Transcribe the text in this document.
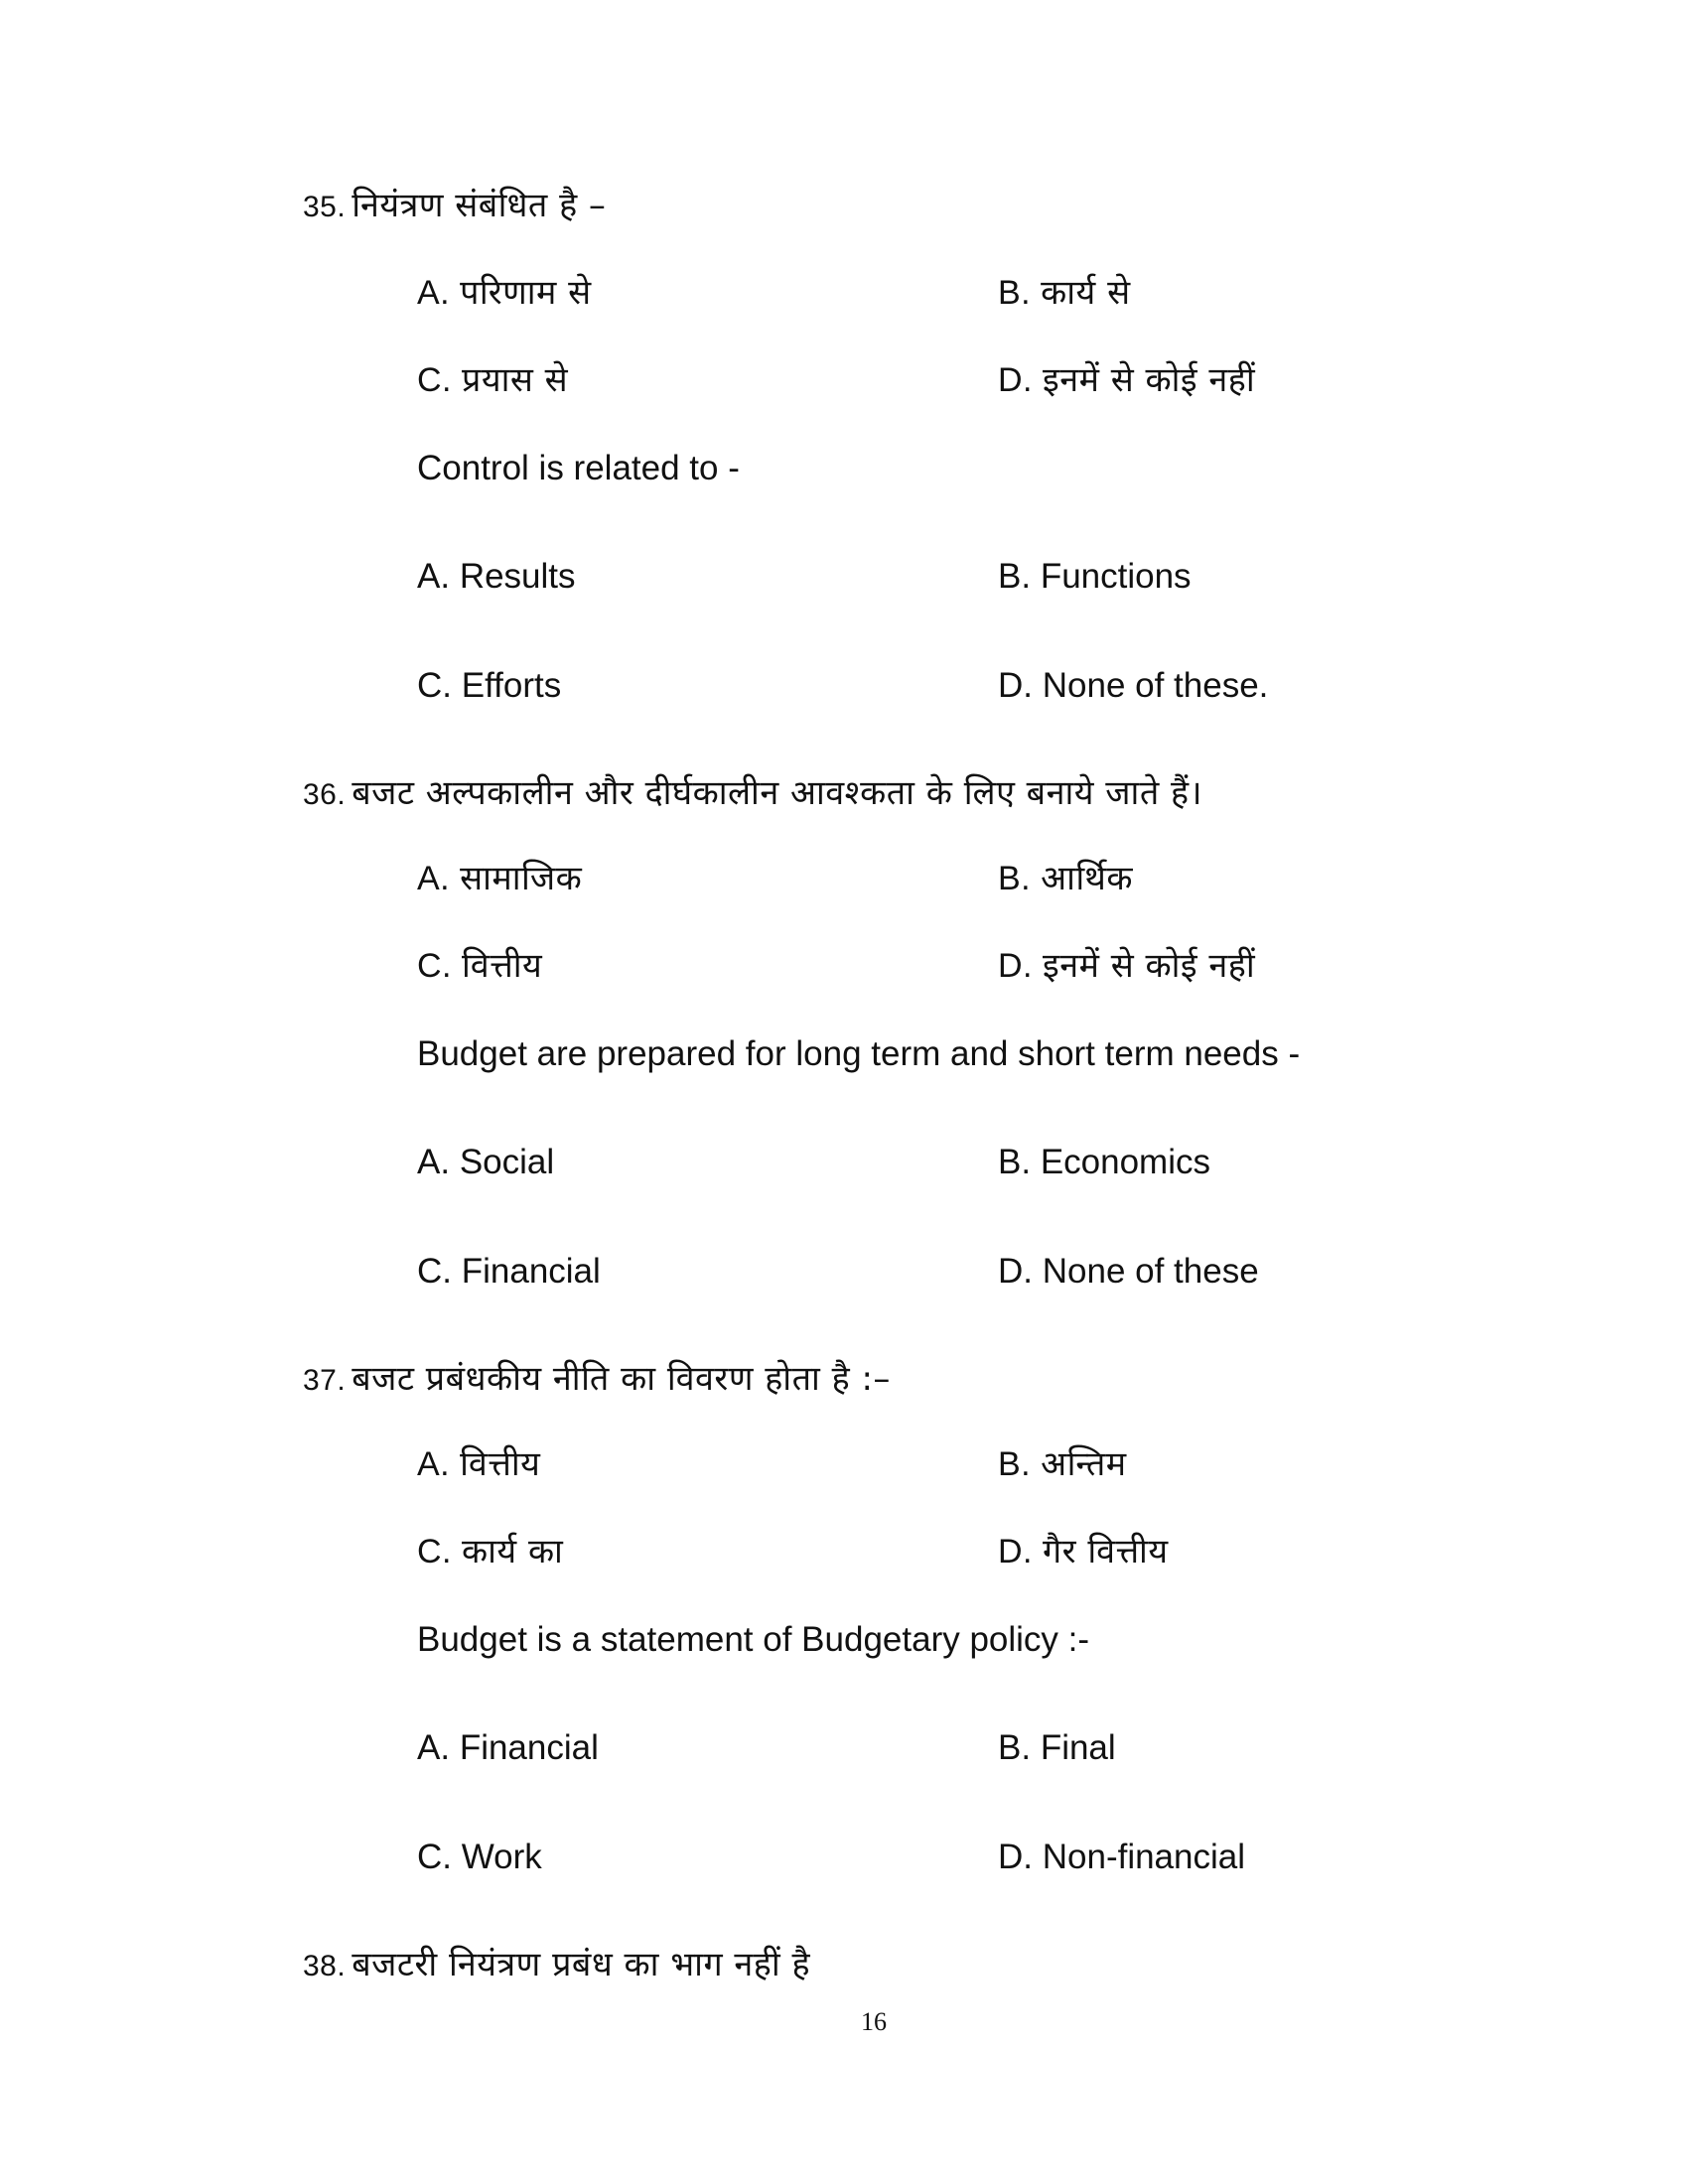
35. नियंत्रण संबंधित है –
A. परिणाम से	B. कार्य से
C. प्रयास से	D. इनमें से कोई नहीं
Control is related to -
A. Results	B. Functions
C. Efforts	D. None of these.
36. बजट अल्पकालीन और दीर्घकालीन आवश्कता के लिए बनाये जाते हैं।
A. सामाजिक	B. आर्थिक
C. वित्तीय	D. इनमें से कोई नहीं
Budget are prepared for long term and short term needs -
A. Social	B. Economics
C. Financial	D. None of these
37. बजट प्रबंधकीय नीति का विवरण होता है :–
A. वित्तीय	B. अन्तिम
C. कार्य का	D. गैर वित्तीय
Budget is a statement of Budgetary policy :-
A. Financial	B. Final
C. Work	D. Non-financial
38. बजटरी नियंत्रण प्रबंध का भाग नहीं है
16
